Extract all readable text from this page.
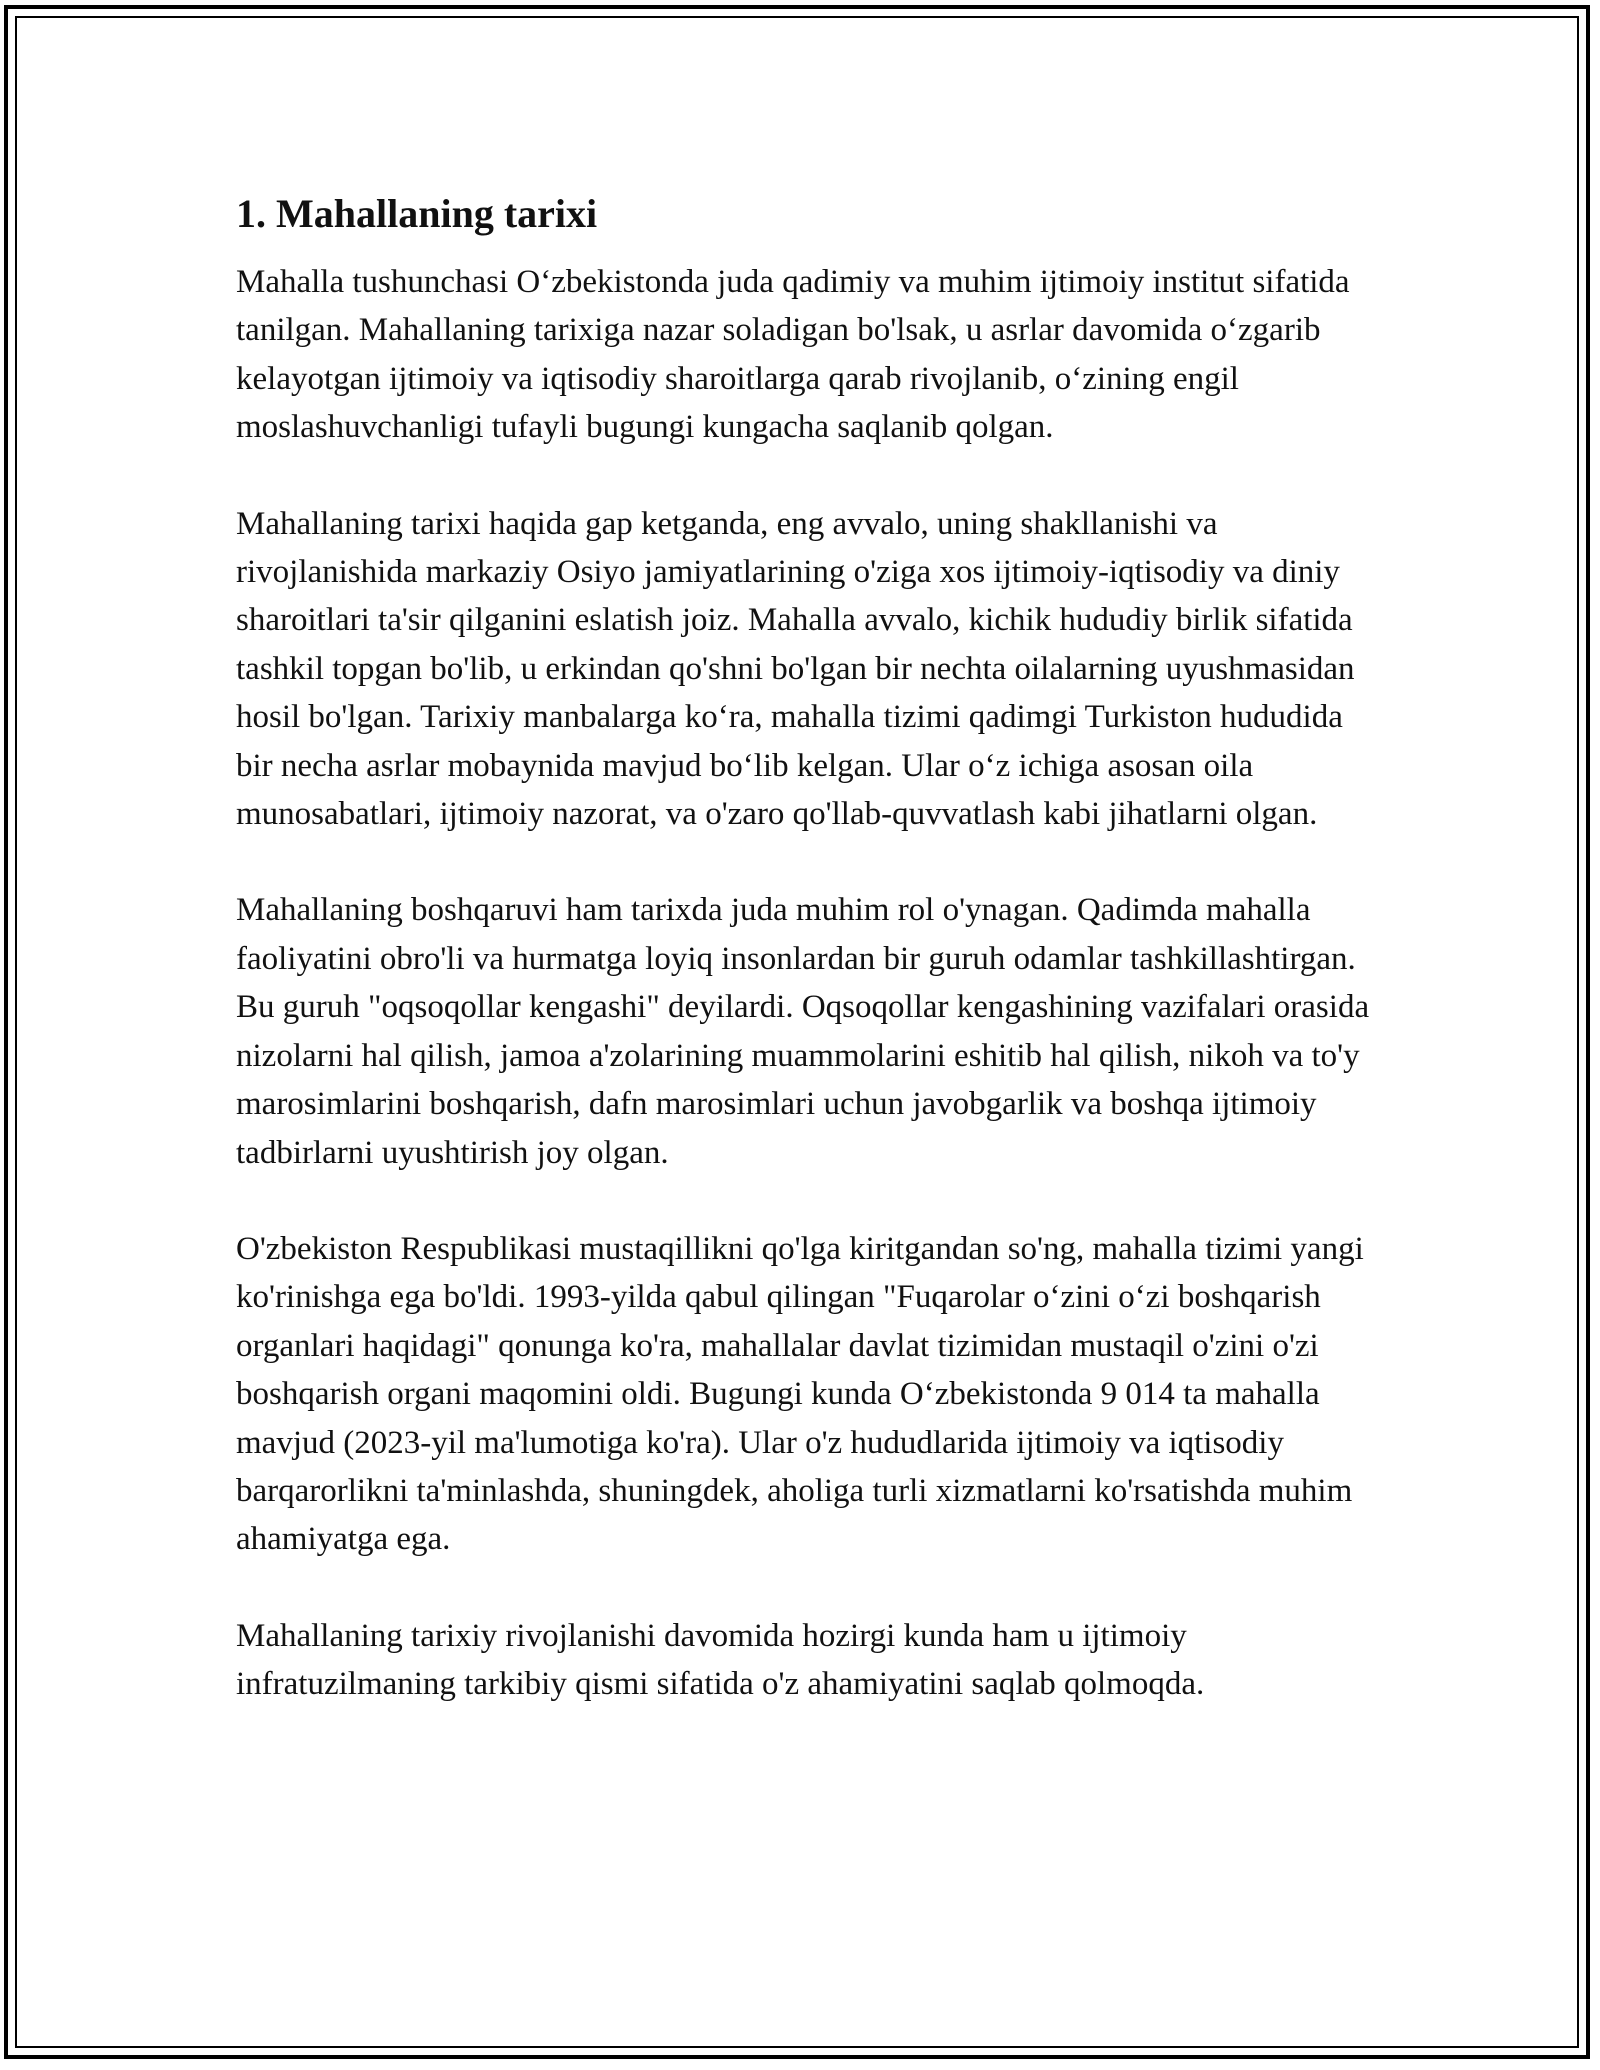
1. Mahallaning tarixi

Mahalla tushunchasi O‘zbekistonda juda qadimiy va muhim ijtimoiy institut sifatida tanilgan. Mahallaning tarixiga nazar soladigan bo'lsak, u asrlar davomida o‘zgarib kelayotgan ijtimoiy va iqtisodiy sharoitlarga qarab rivojlanib, o‘zining engil moslashuvchanligi tufayli bugungi kungacha saqlanib qolgan.

Mahallaning tarixi haqida gap ketganda, eng avvalo, uning shakllanishi va rivojlanishida markaziy Osiyo jamiyatlarining o'ziga xos ijtimoiy-iqtisodiy va diniy sharoitlari ta'sir qilganini eslatish joiz. Mahalla avvalo, kichik hududiy birlik sifatida tashkil topgan bo'lib, u erkindan qo'shni bo'lgan bir nechta oilalarning uyushmasidan hosil bo'lgan. Tarixiy manbalarga ko‘ra, mahalla tizimi qadimgi Turkiston hududida bir necha asrlar mobaynida mavjud bo‘lib kelgan. Ular o‘z ichiga asosan oila munosabatlari, ijtimoiy nazorat, va o'zaro qo'llab-quvvatlash kabi jihatlarni olgan.

Mahallaning boshqaruvi ham tarixda juda muhim rol o'ynagan. Qadimda mahalla faoliyatini obro'li va hurmatga loyiq insonlardan bir guruh odamlar tashkillashtirgan. Bu guruh "oqsoqollar kengashi" deyilardi. Oqsoqollar kengashining vazifalari orasida nizolarni hal qilish, jamoa a'zolarining muammolarini eshitib hal qilish, nikoh va to'y marosimlarini boshqarish, dafn marosimlari uchun javobgarlik va boshqa ijtimoiy tadbirlarni uyushtirish joy olgan.

O'zbekiston Respublikasi mustaqillikni qo'lga kiritgandan so'ng, mahalla tizimi yangi ko'rinishga ega bo'ldi. 1993-yilda qabul qilingan "Fuqarolar o‘zini o‘zi boshqarish organlari haqidagi" qonunga ko'ra, mahallalar davlat tizimidan mustaqil o'zini o'zi boshqarish organi maqomini oldi. Bugungi kunda O‘zbekistonda 9 014 ta mahalla mavjud (2023-yil ma'lumotiga ko'ra). Ular o'z hududlarida ijtimoiy va iqtisodiy barqarorlikni ta'minlashda, shuningdek, aholiga turli xizmatlarni ko'rsatishda muhim ahamiyatga ega.

Mahallaning tarixiy rivojlanishi davomida hozirgi kunda ham u ijtimoiy infratuzilmaning tarkibiy qismi sifatida o'z ahamiyatini saqlab qolmoqda.
